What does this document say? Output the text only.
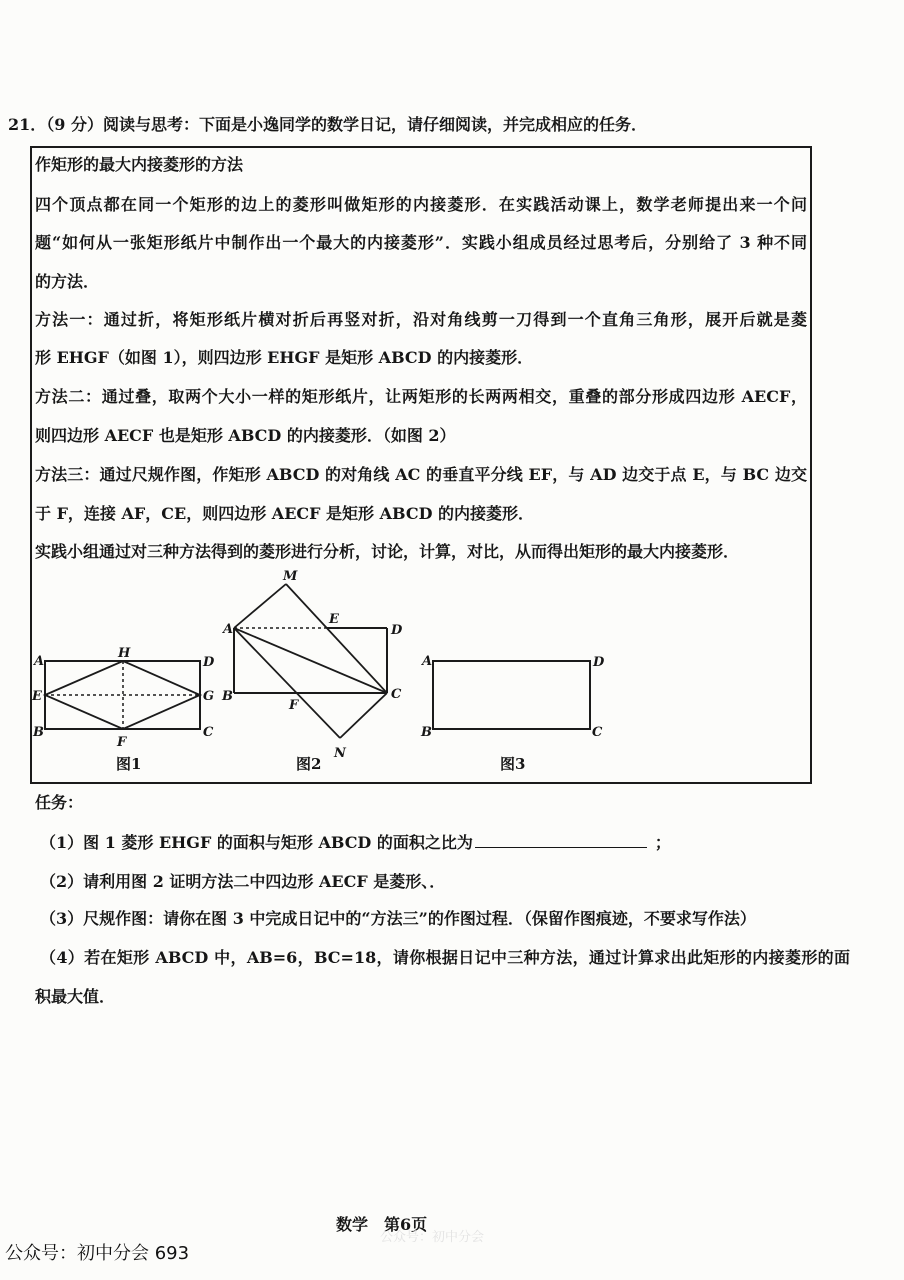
21．（9 分）阅读与思考：下面是小逸同学的数学日记，请仔细阅读，并完成相应的任务．
作矩形的最大内接菱形的方法
四个顶点都在同一个矩形的边上的菱形叫做矩形的内接菱形．在实践活动课上，数学老师提出来一个问
题“如何从一张矩形纸片中制作出一个最大的内接菱形”．实践小组成员经过思考后，分别给了 3 种不同
的方法．
方法一：通过折，将矩形纸片横对折后再竖对折，沿对角线剪一刀得到一个直角三角形，展开后就是菱
形 EHGF（如图 1），则四边形 EHGF 是矩形 ABCD 的内接菱形．
方法二：通过叠，取两个大小一样的矩形纸片，让两矩形的长两两相交，重叠的部分形成四边形 AECF，
则四边形 AECF 也是矩形 ABCD 的内接菱形．（如图 2）
方法三：通过尺规作图，作矩形 ABCD 的对角线 AC 的垂直平分线 EF，与 AD 边交于点 E，与 BC 边交
于 F，连接 AF，CE，则四边形 AECF 是矩形 ABCD 的内接菱形．
实践小组通过对三种方法得到的菱形进行分析，讨论，计算，对比，从而得出矩形的最大内接菱形．
A
H
D
E	G
B
F
C
图1
M
A
E
D
B
F
C
N
图2
A	D
B	C
图3
任务：
（1）图 1 菱形 EHGF 的面积与矩形 ABCD 的面积之比为	；
（2）请利用图 2 证明方法二中四边形 AECF 是菱形、．
（3）尺规作图：请你在图 3 中完成日记中的“方法三”的作图过程．（保留作图痕迹，不要求写作法）
（4）若在矩形 ABCD 中，AB=6，BC=18，请你根据日记中三种方法，通过计算求出此矩形的内接菱形的面
积最大值．
数学　第6页
公众号：初中分会
公众号：初中分会 693
